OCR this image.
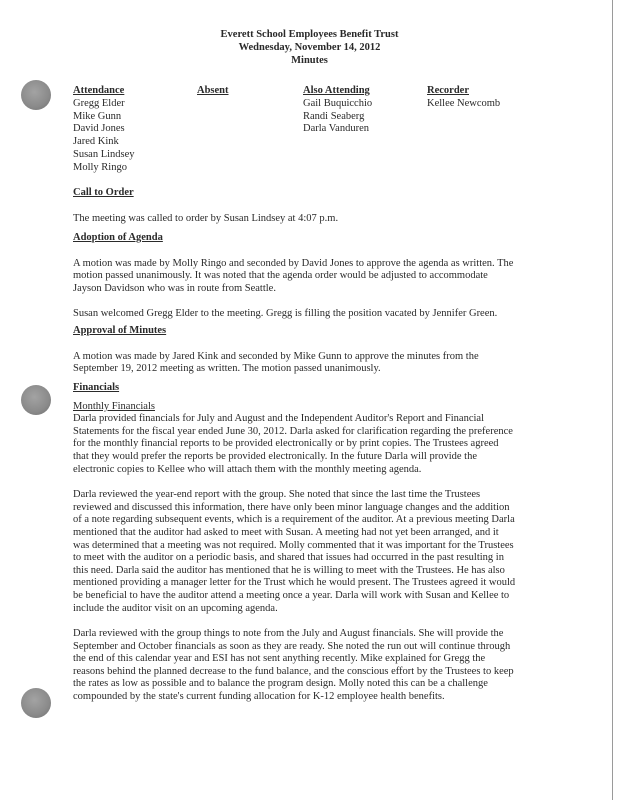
Everett School Employees Benefit Trust
Wednesday, November 14, 2012
Minutes
Attendance
Gregg Elder
Mike Gunn
David Jones
Jared Kink
Susan Lindsey
Molly Ringo
Absent	Also Attending
Gail Buquicchio
Randi Seaberg
Darla Vanduren
Recorder
Kellee Newcomb
Call to Order

The meeting was called to order by Susan Lindsey at 4:07 p.m.

Adoption of Agenda
A motion was made by Molly Ringo and seconded by David Jones to approve the agenda as written. The
motion passed unanimously. It was noted that the agenda order would be adjusted to accommodate
Jayson Davidson who was in route from Seattle.

Susan welcomed Gregg Elder to the meeting. Gregg is filling the position vacated by Jennifer Green.

Approval of Minutes
A motion was made by Jared Kink and seconded by Mike Gunn to approve the minutes from the
September 19, 2012 meeting as written. The motion passed unanimously.
Financials
Monthly Financials
Darla provided financials for July and August and the Independent Auditor's Report and Financial
Statements for the fiscal year ended June 30, 2012. Darla asked for clarification regarding the preference
for the monthly financial reports to be provided electronically or by print copies. The Trustees agreed
that they would prefer the reports be provided electronically. In the future Darla will provide the
electronic copies to Kellee who will attach them with the monthly meeting agenda.
Darla reviewed the year-end report with the group. She noted that since the last time the Trustees
reviewed and discussed this information, there have only been minor language changes and the addition
of a note regarding subsequent events, which is a requirement of the auditor. At a previous meeting Darla
mentioned that the auditor had asked to meet with Susan. A meeting had not yet been arranged, and it
was determined that a meeting was not required. Molly commented that it was important for the Trustees
to meet with the auditor on a periodic basis, and shared that issues had occurred in the past resulting in
this need. Darla said the auditor has mentioned that he is willing to meet with the Trustees. He has also
mentioned providing a manager letter for the Trust which he would present. The Trustees agreed it would
be beneficial to have the auditor attend a meeting once a year. Darla will work with Susan and Kellee to
include the auditor visit on an upcoming agenda.
Darla reviewed with the group things to note from the July and August financials. She will provide the
September and October financials as soon as they are ready. She noted the run out will continue through
the end of this calendar year and ESI has not sent anything recently. Mike explained for Gregg the
reasons behind the planned decrease to the fund balance, and the conscious effort by the Trustees to keep
the rates as low as possible and to balance the program design. Molly noted this can be a challenge
compounded by the state's current funding allocation for K-12 employee health benefits.
